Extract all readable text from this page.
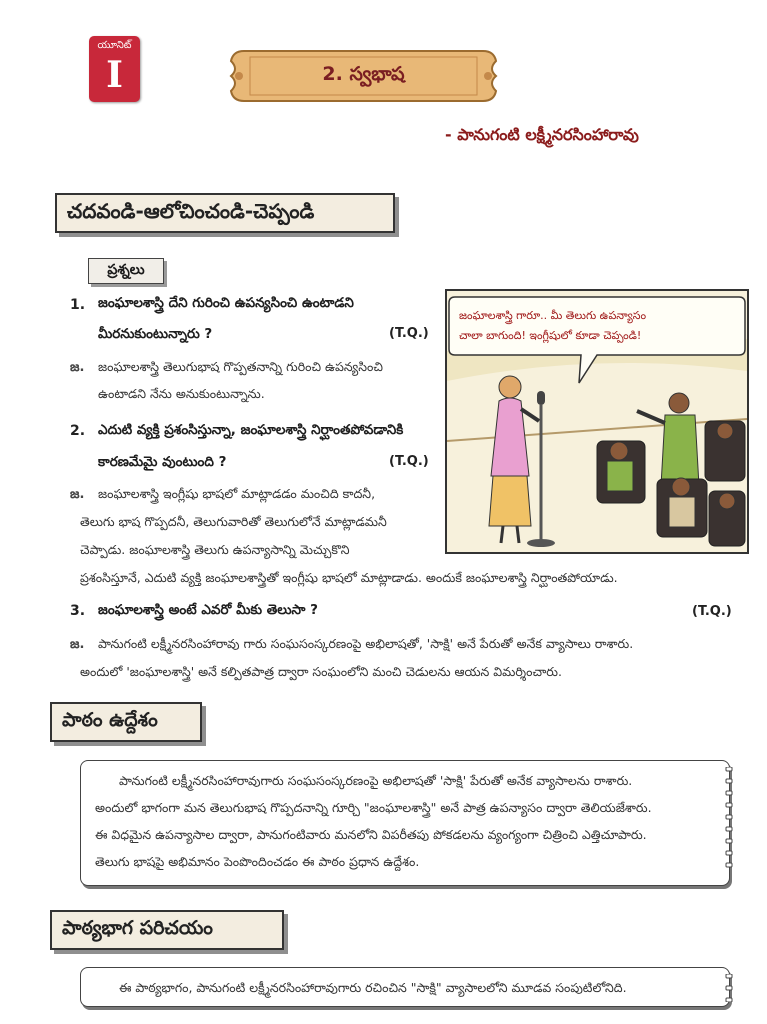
యూనిట్
I	2. స్వభాష
- పానుగంటి లక్ష్మీనరసింహారావు
చదవండి-ఆలోచించండి-చెప్పండి
ప్రశ్నలు
1. జంఘాలశాస్త్రి దేని గురించి ఉపన్యసించి ఉంటాడని
మీరనుకుంటున్నారు ?	(T.Q.)
జ. జంఘాలశాస్త్రి తెలుగుభాష గొప్పతనాన్ని గురించి ఉపన్యసించి
ఉంటాడని నేను అనుకుంటున్నాను.
2. ఎదుటి వ్యక్తి ప్రశంసిస్తున్నా, జంఘాలశాస్త్రి నిర్ఘాంతపోవడానికి
కారణమేమై వుంటుంది ?	(T.Q.)
జ. జంఘాలశాస్త్రి ఇంగ్లీషు భాషలో మాట్లాడడం మంచిది కాదనీ,
తెలుగు భాష గొప్పదనీ, తెలుగువారితో తెలుగులోనే మాట్లాడమనీ
చెప్పాడు. జంఘాలశాస్త్రి తెలుగు ఉపన్యాసాన్ని మెచ్చుకొని
ప్రశంసిస్తూనే, ఎదుటి వ్యక్తి జంఘాలశాస్త్రితో ఇంగ్లీషు భాషలో మాట్లాడాడు. అందుకే జంఘాలశాస్త్రి నిర్ఘాంతపోయాడు.
3. జంఘాలశాస్త్రి అంటే ఎవరో మీకు తెలుసా ?	(T.Q.)
జ. పానుగంటి లక్ష్మీనరసింహారావు గారు సంఘసంస్కరణంపై అభిలాషతో, 'సాక్షి' అనే పేరుతో అనేక వ్యాసాలు రాశారు.
అందులో 'జంఘాలశాస్త్రి' అనే కల్పితపాత్ర ద్వారా సంఘంలోని మంచి చెడులను ఆయన విమర్శించారు.
జంఘాలశాస్త్రి గారూ.. మీ తెలుగు ఉపన్యాసం
చాలా బాగుంది! ఇంగ్లీషులో కూడా చెప్పండి!
పాఠం ఉద్దేశం
పానుగంటి లక్ష్మీనరసింహారావుగారు సంఘసంస్కరణంపై అభిలాషతో 'సాక్షి' పేరుతో అనేక వ్యాసాలను రాశారు.
అందులో భాగంగా మన తెలుగుభాష గొప్పదనాన్ని గూర్చి "జంఘాలశాస్త్రి" అనే పాత్ర ఉపన్యాసం ద్వారా తెలియజేశారు.
ఈ విధమైన ఉపన్యాసాల ద్వారా, పానుగంటివారు మనలోని విపరీతపు పోకడలను వ్యంగ్యంగా చిత్రించి ఎత్తిచూపారు.
తెలుగు భాషపై అభిమానం పెంపొందించడం ఈ పాఠం ప్రధాన ఉద్దేశం.
పాఠ్యభాగ పరిచయం
ఈ పాఠ్యభాగం, పానుగంటి లక్ష్మీనరసింహారావుగారు రచించిన "సాక్షి" వ్యాసాలలోని మూడవ సంపుటిలోనిది.
